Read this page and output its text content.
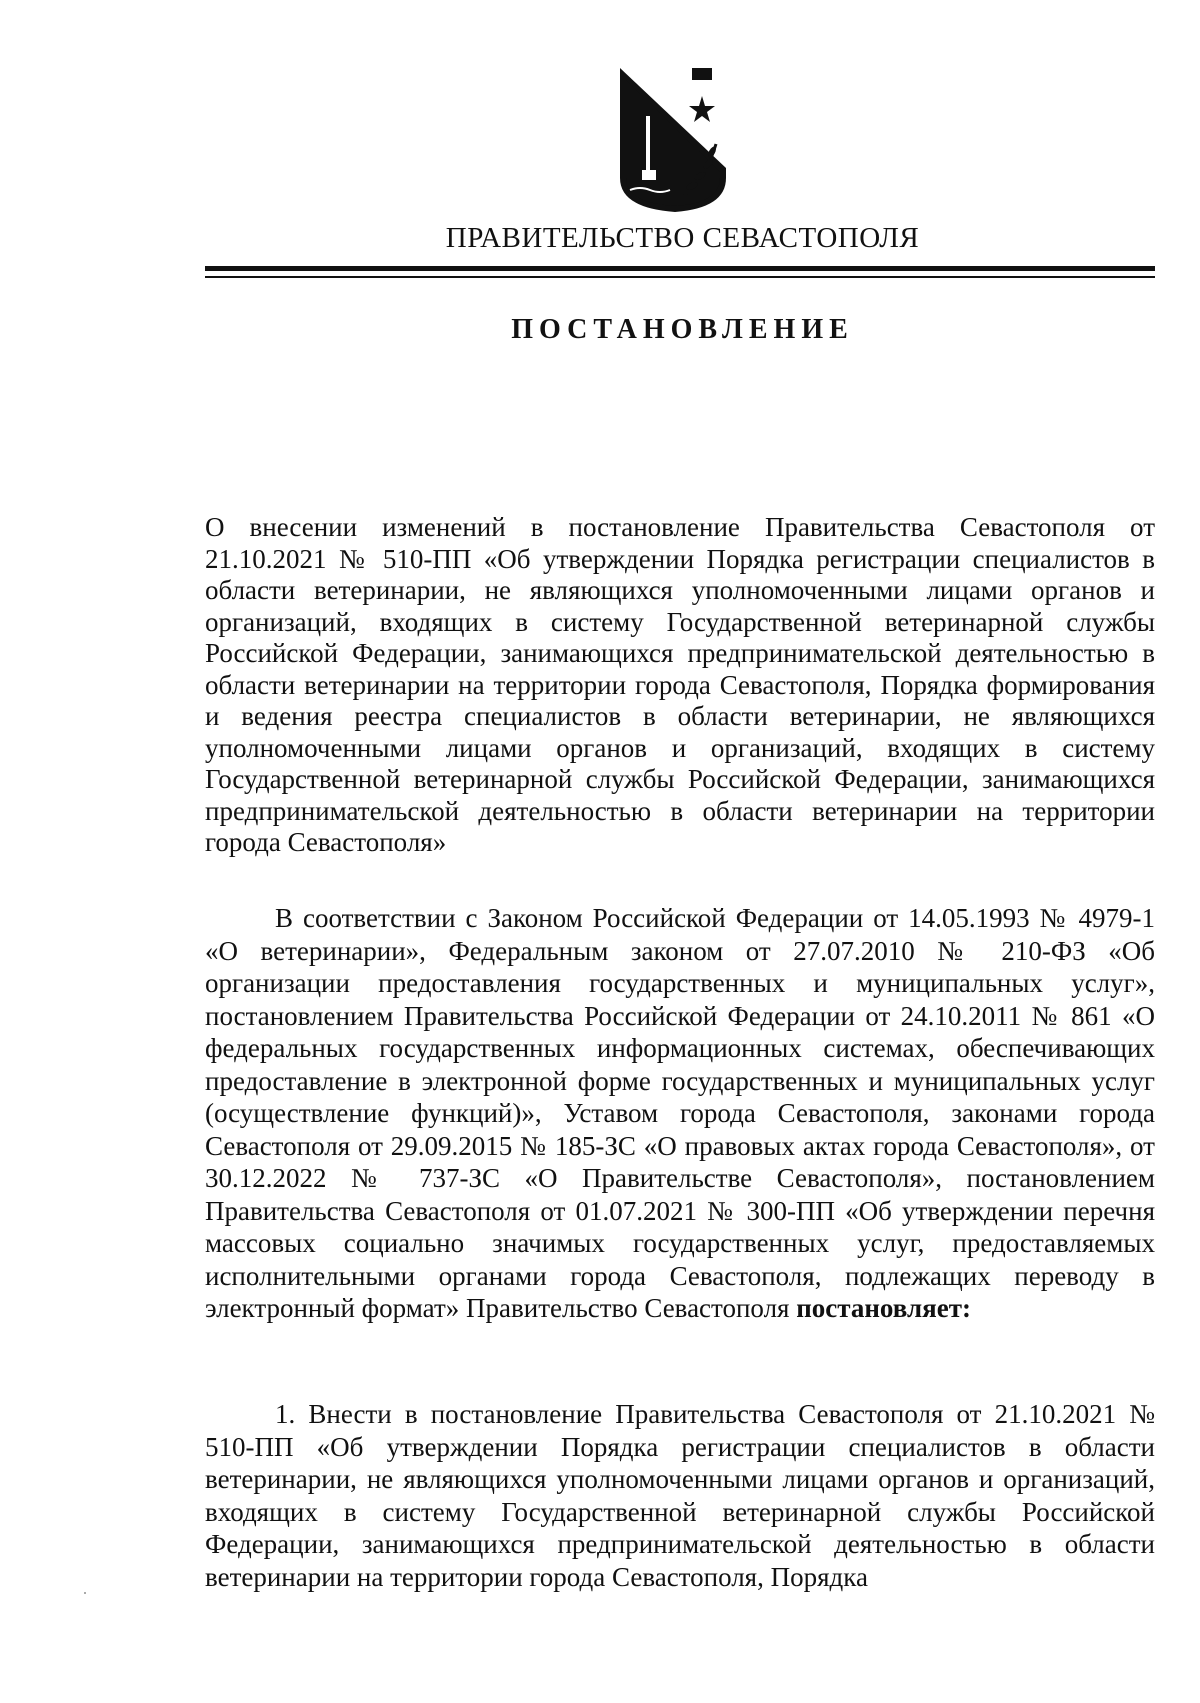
ПРАВИТЕЛЬСТВО СЕВАСТОПОЛЯ
ПОСТАНОВЛЕНИЕ
О внесении изменений в постановление Правительства Севастополя от 21.10.2021 № 510-ПП «Об утверждении Порядка регистрации специалистов в области ветеринарии, не являющихся уполномоченными лицами органов и организаций, входящих в систему Государственной ветеринарной службы Российской Федерации, занимающихся предпринимательской деятельностью в области ветеринарии на территории города Севастополя, Порядка формирования и ведения реестра специалистов в области ветеринарии, не являющихся уполномоченными лицами органов и организаций, входящих в систему Государственной ветеринарной службы Российской Федерации, занимающихся предпринимательской деятельностью в области ветеринарии на территории города Севастополя»

В соответствии с Законом Российской Федерации от 14.05.1993 № 4979-1 «О ветеринарии», Федеральным законом от 27.07.2010 № 210-ФЗ «Об организации предоставления государственных и муниципальных услуг», постановлением Правительства Российской Федерации от 24.10.2011 № 861 «О федеральных государственных информационных системах, обеспечивающих предоставление в электронной форме государственных и муниципальных услуг (осуществление функций)», Уставом города Севастополя, законами города Севастополя от 29.09.2015 № 185-ЗС «О правовых актах города Севастополя», от 30.12.2022 № 737-ЗС «О Правительстве Севастополя», постановлением Правительства Севастополя от 01.07.2021 № 300-ПП «Об утверждении перечня массовых социально значимых государственных услуг, предоставляемых исполнительными органами города Севастополя, подлежащих переводу в электронный формат» Правительство Севастополя постановляет:

1. Внести в постановление Правительства Севастополя от 21.10.2021 № 510-ПП «Об утверждении Порядка регистрации специалистов в области ветеринарии, не являющихся уполномоченными лицами органов и организаций, входящих в систему Государственной ветеринарной службы Российской Федерации, занимающихся предпринимательской деятельностью в области ветеринарии на территории города Севастополя, Порядка
